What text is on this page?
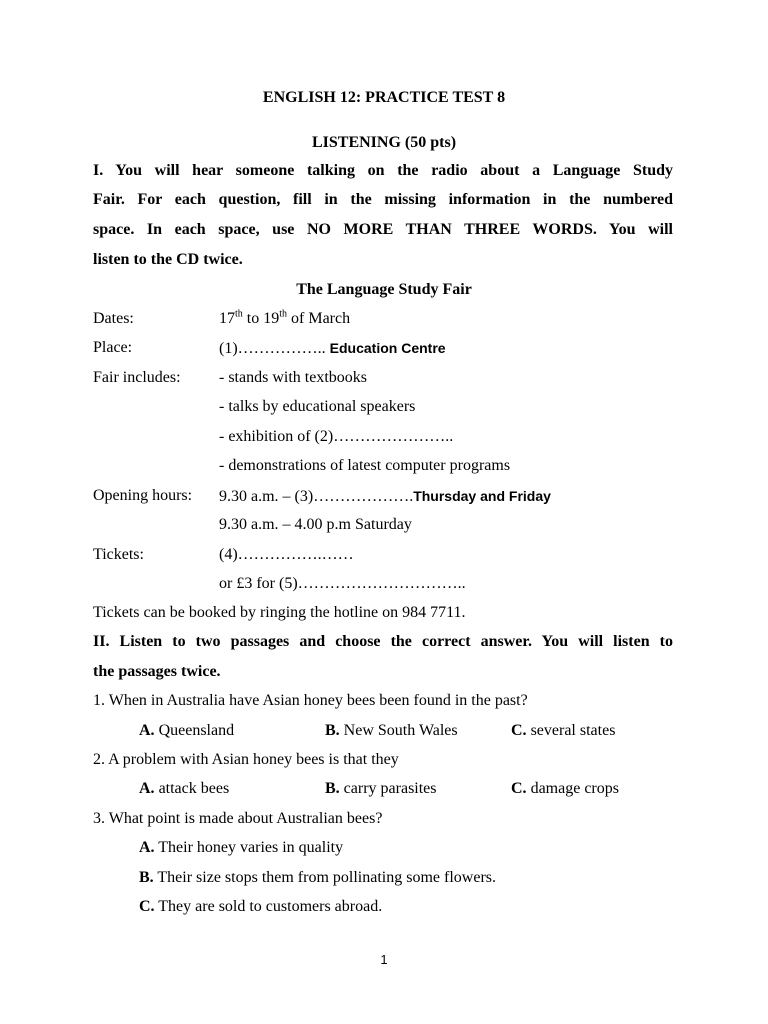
ENGLISH 12: PRACTICE TEST 8
LISTENING (50 pts)
I. You will hear someone talking on the radio about a Language Study
Fair. For each question, fill in the missing information in the numbered
space. In each space, use NO MORE THAN THREE WORDS. You will
listen to the CD twice.
The Language Study Fair
Dates:	17th to 19th of March
Place:	(1)…………….. Education Centre
Fair includes: - stands with textbooks
- talks by educational speakers
- exhibition of (2)…………………..
- demonstrations of latest computer programs
Opening hours: 9.30 a.m. – (3)……………….Thursday and Friday
9.30 a.m. – 4.00 p.m Saturday
Tickets:	(4)…………….……
or £3 for (5)…………………………..
Tickets can be booked by ringing the hotline on 984 7711.
II. Listen to two passages and choose the correct answer. You will listen to
the passages twice.
1. When in Australia have Asian honey bees been found in the past?
A. Queensland	B. New South Wales	C. several states
2. A problem with Asian honey bees is that they
A. attack bees	B. carry parasites	C. damage crops
3. What point is made about Australian bees?
A. Their honey varies in quality
B. Their size stops them from pollinating some flowers.
C. They are sold to customers abroad.
1
